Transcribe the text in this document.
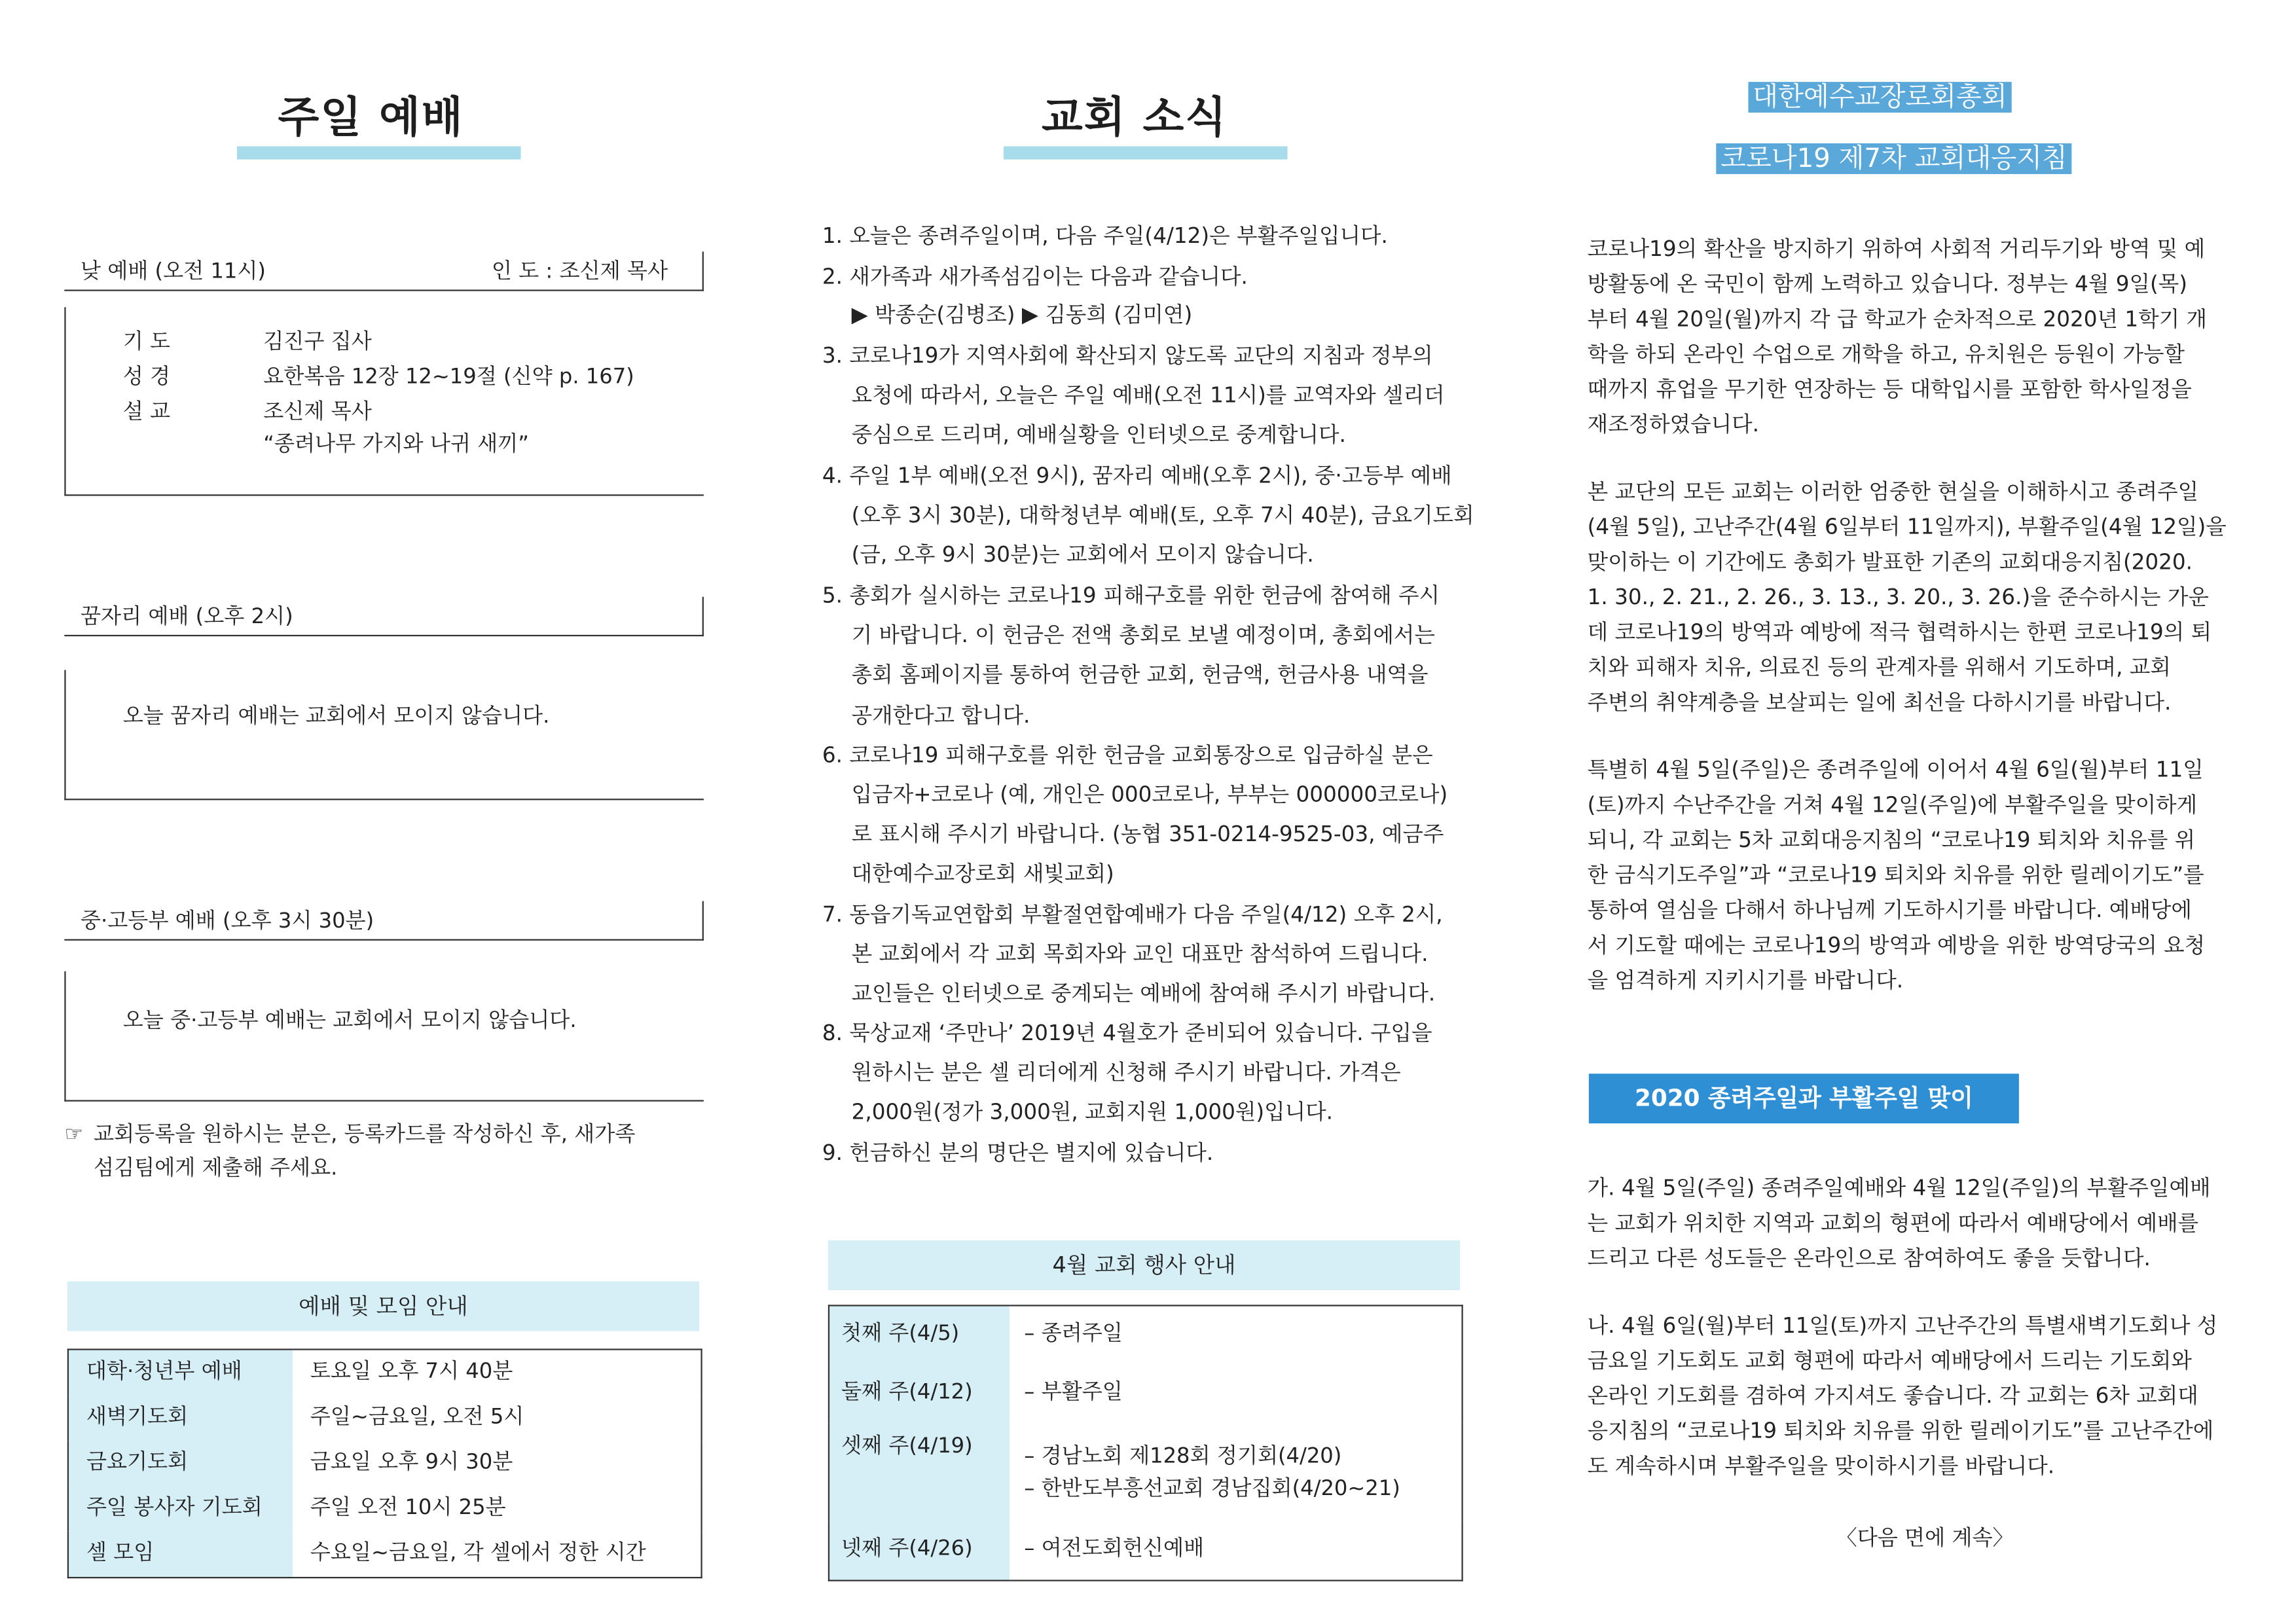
주일 예배
낮 예배 (오전 11시)	인 도 : 조신제 목사
기 도	김진구 집사
성 경	요한복음 12장 12~19절 (신약 p. 167)
설 교	조신제 목사
“종려나무 가지와 나귀 새끼”
꿈자리 예배 (오후 2시)
오늘 꿈자리 예배는 교회에서 모이지 않습니다.
중·고등부 예배 (오후 3시 30분)
오늘 중·고등부 예배는 교회에서 모이지 않습니다.
☞ 교회등록을 원하시는 분은, 등록카드를 작성하신 후, 새가족
섬김팀에게 제출해 주세요.
예배 및 모임 안내
대학·청년부 예배	토요일 오후 7시 40분
새벽기도회	주일~금요일, 오전 5시
금요기도회	금요일 오후 9시 30분
주일 봉사자 기도회	주일 오전 10시 25분
셀 모임	수요일~금요일, 각 셀에서 정한 시간
교회 소식
1. 오늘은 종려주일이며, 다음 주일(4/12)은 부활주일입니다.
2. 새가족과 새가족섬김이는 다음과 같습니다.
▶ 박종순(김병조) ▶ 김동희 (김미연)
3. 코로나19가 지역사회에 확산되지 않도록 교단의 지침과 정부의
요청에 따라서, 오늘은 주일 예배(오전 11시)를 교역자와 셀리더
중심으로 드리며, 예배실황을 인터넷으로 중계합니다.
4. 주일 1부 예배(오전 9시), 꿈자리 예배(오후 2시), 중·고등부 예배
(오후 3시 30분), 대학청년부 예배(토, 오후 7시 40분), 금요기도회
(금, 오후 9시 30분)는 교회에서 모이지 않습니다.
5. 총회가 실시하는 코로나19 피해구호를 위한 헌금에 참여해 주시
기 바랍니다. 이 헌금은 전액 총회로 보낼 예정이며, 총회에서는
총회 홈페이지를 통하여 헌금한 교회, 헌금액, 헌금사용 내역을
공개한다고 합니다.
6. 코로나19 피해구호를 위한 헌금을 교회통장으로 입금하실 분은
입금자+코로나 (예, 개인은 000코로나, 부부는 000000코로나)
로 표시해 주시기 바랍니다. (농협 351-0214-9525-03, 예금주
대한예수교장로회 새빛교회)
7. 동읍기독교연합회 부활절연합예배가 다음 주일(4/12) 오후 2시,
본 교회에서 각 교회 목회자와 교인 대표만 참석하여 드립니다.
교인들은 인터넷으로 중계되는 예배에 참여해 주시기 바랍니다.
8. 묵상교재 ‘주만나’ 2019년 4월호가 준비되어 있습니다. 구입을
원하시는 분은 셀 리더에게 신청해 주시기 바랍니다. 가격은
2,000원(정가 3,000원, 교회지원 1,000원)입니다.
9. 헌금하신 분의 명단은 별지에 있습니다.
4월 교회 행사 안내
첫째 주(4/5)	– 종려주일
둘째 주(4/12)	– 부활주일
셋째 주(4/19)	– 경남노회 제128회 정기회(4/20)
– 한반도부흥선교회 경남집회(4/20~21)

넷째 주(4/26)	– 여전도회헌신예배
대한예수교장로회총회
코로나19 제7차 교회대응지침
코로나19의 확산을 방지하기 위하여 사회적 거리두기와 방역 및 예
방활동에 온 국민이 함께 노력하고 있습니다. 정부는 4월 9일(목)
부터 4월 20일(월)까지 각 급 학교가 순차적으로 2020년 1학기 개
학을 하되 온라인 수업으로 개학을 하고, 유치원은 등원이 가능할
때까지 휴업을 무기한 연장하는 등 대학입시를 포함한 학사일정을
재조정하였습니다.
본 교단의 모든 교회는 이러한 엄중한 현실을 이해하시고 종려주일
(4월 5일), 고난주간(4월 6일부터 11일까지), 부활주일(4월 12일)을
맞이하는 이 기간에도 총회가 발표한 기존의 교회대응지침(2020.
1. 30., 2. 21., 2. 26., 3. 13., 3. 20., 3. 26.)을 준수하시는 가운
데 코로나19의 방역과 예방에 적극 협력하시는 한편 코로나19의 퇴
치와 피해자 치유, 의료진 등의 관계자를 위해서 기도하며, 교회
주변의 취약계층을 보살피는 일에 최선을 다하시기를 바랍니다.
특별히 4월 5일(주일)은 종려주일에 이어서 4월 6일(월)부터 11일
(토)까지 수난주간을 거쳐 4월 12일(주일)에 부활주일을 맞이하게
되니, 각 교회는 5차 교회대응지침의 “코로나19 퇴치와 치유를 위
한 금식기도주일”과 “코로나19 퇴치와 치유를 위한 릴레이기도”를
통하여 열심을 다해서 하나님께 기도하시기를 바랍니다. 예배당에
서 기도할 때에는 코로나19의 방역과 예방을 위한 방역당국의 요청
을 엄격하게 지키시기를 바랍니다.
2020 종려주일과 부활주일 맞이
가. 4월 5일(주일) 종려주일예배와 4월 12일(주일)의 부활주일예배
는 교회가 위치한 지역과 교회의 형편에 따라서 예배당에서 예배를
드리고 다른 성도들은 온라인으로 참여하여도 좋을 듯합니다.
나. 4월 6일(월)부터 11일(토)까지 고난주간의 특별새벽기도회나 성
금요일 기도회도 교회 형편에 따라서 예배당에서 드리는 기도회와
온라인 기도회를 겸하여 가지셔도 좋습니다. 각 교회는 6차 교회대
응지침의 “코로나19 퇴치와 치유를 위한 릴레이기도”를 고난주간에
도 계속하시며 부활주일을 맞이하시기를 바랍니다.
〈다음 면에 계속〉
